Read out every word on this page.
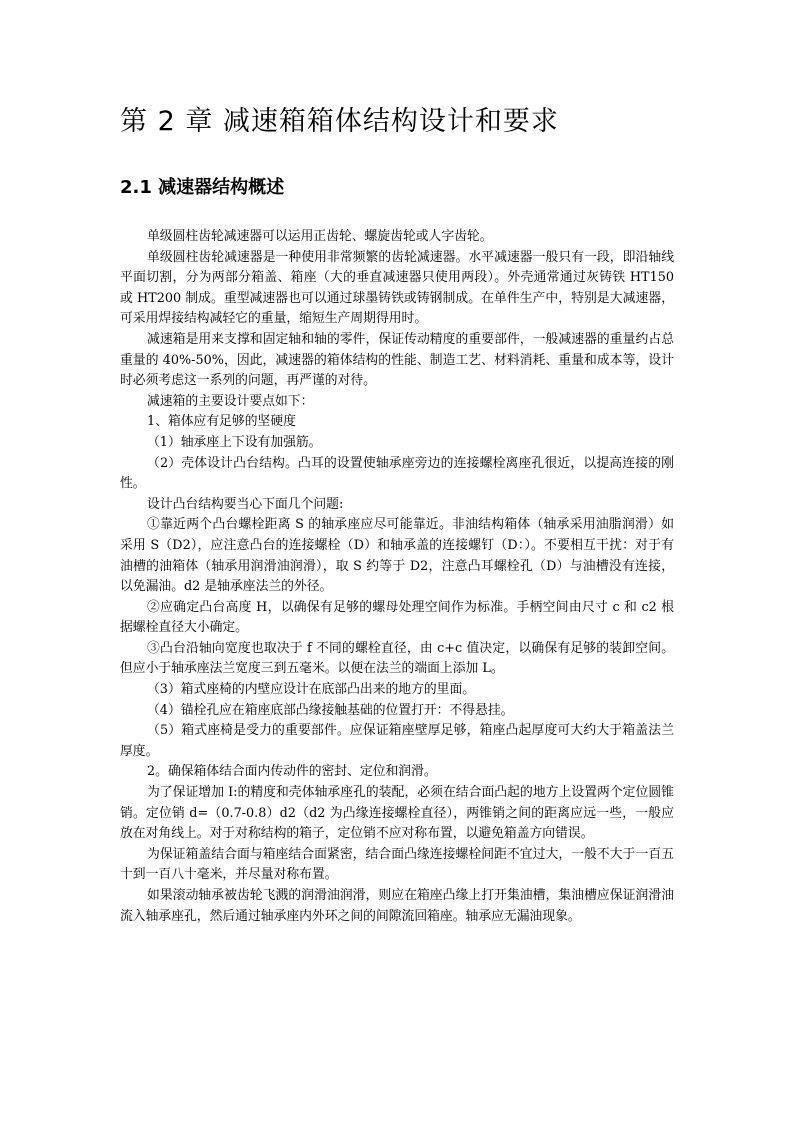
第 2 章 减速箱箱体结构设计和要求
2.1 减速器结构概述

单级圆柱齿轮减速器可以运用正齿轮、螺旋齿轮或人字齿轮。

单级圆柱齿轮减速器是一种使用非常频繁的齿轮减速器。水平减速器一般只有一段，即沿轴线平面切割，分为两部分箱盖、箱座（大的垂直减速器只使用两段）。外壳通常通过灰铸铁 HT150 或 HT200 制成。重型减速器也可以通过球墨铸铁或铸钢制成。在单件生产中，特别是大减速器，可采用焊接结构减轻它的重量，缩短生产周期得用时。

减速箱是用来支撑和固定轴和轴的零件，保证传动精度的重要部件，一般减速器的重量约占总重量的 40%-50%，因此，减速器的箱体结构的性能、制造工艺、材料消耗、重量和成本等，设计时必须考虑这一系列的问题，再严谨的对待。

减速箱的主要设计要点如下：

1、箱体应有足够的坚硬度

（1）轴承座上下设有加强筋。

（2）壳体设计凸台结构。凸耳的设置使轴承座旁边的连接螺栓离座孔很近，以提高连接的刚性。

设计凸台结构要当心下面几个问题:

①靠近两个凸台螺栓距离 S 的轴承座应尽可能靠近。非油结构箱体（轴承采用油脂润滑）如采用 S（D2），应注意凸台的连接螺栓（D）和轴承盖的连接螺钉（D：）。不要相互干扰：对于有油槽的油箱体（轴承用润滑油润滑），取 S 约等于 D2，注意凸耳螺栓孔（D）与油槽没有连接，以免漏油。d2 是轴承座法兰的外径。

②应确定凸台高度 H，以确保有足够的螺母处理空间作为标准。手柄空间由尺寸 c 和 c2 根据螺栓直径大小确定。

③凸台沿轴向宽度也取决于 f 不同的螺栓直径，由 c+c 值决定，以确保有足够的装卸空间。但应小于轴承座法兰宽度三到五毫米。以便在法兰的端面上添加 L。

（3）箱式座椅的内壁应设计在底部凸出来的地方的里面。

（4）锚栓孔应在箱座底部凸缘接触基础的位置打开：不得悬挂。

（5）箱式座椅是受力的重要部件。应保证箱座壁厚足够，箱座凸起厚度可大约大于箱盖法兰厚度。

2。确保箱体结合面内传动件的密封、定位和润滑。

为了保证增加 I:的精度和壳体轴承座孔的装配，必须在结合面凸起的地方上设置两个定位圆锥销。定位销 d=（0.7-0.8）d2（d2 为凸缘连接螺栓直径），两锥销之间的距离应远一些，一般应放在对角线上。对于对称结构的箱子，定位销不应对称布置，以避免箱盖方向错误。

为保证箱盖结合面与箱座结合面紧密，结合面凸缘连接螺栓间距不宜过大，一般不大于一百五十到一百八十毫米，并尽量对称布置。

如果滚动轴承被齿轮飞溅的润滑油润滑，则应在箱座凸缘上打开集油槽，集油槽应保证润滑油流入轴承座孔，然后通过轴承座内外环之间的间隙流回箱座。轴承应无漏油现象。
